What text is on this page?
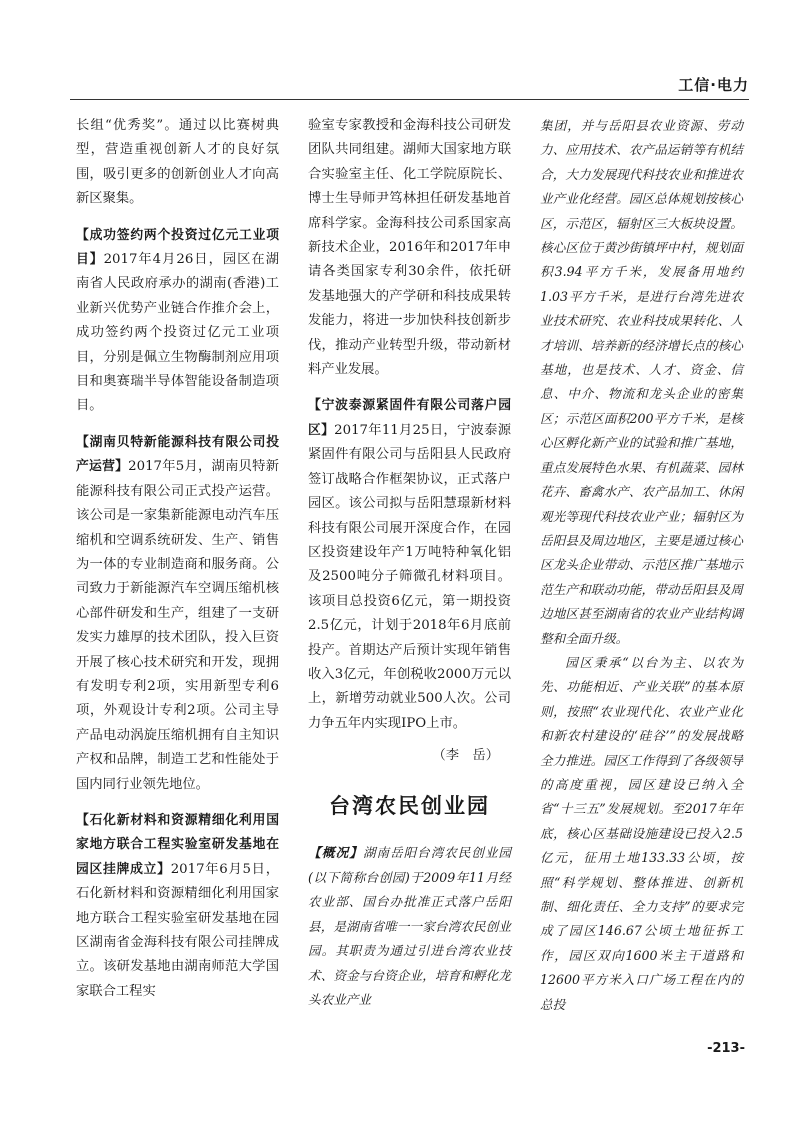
工信·电力

长组“优秀奖”。通过以比赛树典型，营造重视创新人才的良好氛围，吸引更多的创新创业人才向高新区聚集。

【成功签约两个投资过亿元工业项目】2017年4月26日，园区在湖南省人民政府承办的湖南(香港)工业新兴优势产业链合作推介会上，成功签约两个投资过亿元工业项目，分别是佩立生物酶制剂应用项目和奥赛瑞半导体智能设备制造项目。

【湖南贝特新能源科技有限公司投产运营】2017年5月，湖南贝特新能源科技有限公司正式投产运营。该公司是一家集新能源电动汽车压缩机和空调系统研发、生产、销售为一体的专业制造商和服务商。公司致力于新能源汽车空调压缩机核心部件研发和生产，组建了一支研发实力雄厚的技术团队，投入巨资开展了核心技术研究和开发，现拥有发明专利2项，实用新型专利6项，外观设计专利2项。公司主导产品电动涡旋压缩机拥有自主知识产权和品牌，制造工艺和性能处于国内同行业领先地位。

【石化新材料和资源精细化利用国家地方联合工程实验室研发基地在园区挂牌成立】2017年6月5日，石化新材料和资源精细化利用国家地方联合工程实验室研发基地在园区湖南省金海科技有限公司挂牌成立。该研发基地由湖南师范大学国家联合工程实

验室专家教授和金海科技公司研发团队共同组建。湖师大国家地方联合实验室主任、化工学院原院长、博士生导师尹笃林担任研发基地首席科学家。金海科技公司系国家高新技术企业，2016年和2017年申请各类国家专利30余件，依托研发基地强大的产学研和科技成果转发能力，将进一步加快科技创新步伐，推动产业转型升级，带动新材料产业发展。

【宁波泰源紧固件有限公司落户园区】2017年11月25日，宁波泰源紧固件有限公司与岳阳县人民政府签订战略合作框架协议，正式落户园区。该公司拟与岳阳慧璟新材料科技有限公司展开深度合作，在园区投资建设年产1万吨特种氧化铝及2500吨分子筛微孔材料项目。该项目总投资6亿元，第一期投资2.5亿元，计划于2018年6月底前投产。首期达产后预计实现年销售收入3亿元，年创税收2000万元以上，新增劳动就业500人次。公司力争五年内实现IPO上市。

（李　岳）
台湾农民创业园

【概况】湖南岳阳台湾农民创业园(以下简称台创园)于2009年11月经农业部、国台办批准正式落户岳阳县，是湖南省唯一一家台湾农民创业园。其职责为通过引进台湾农业技术、资金与台资企业，培育和孵化龙头农业产业

集团，并与岳阳县农业资源、劳动力、应用技术、农产品运销等有机结合，大力发展现代科技农业和推进农业产业化经营。园区总体规划按核心区，示范区，辐射区三大板块设置。核心区位于黄沙街镇坪中村，规划面积3.94平方千米，发展备用地约1.03平方千米，是进行台湾先进农业技术研究、农业科技成果转化、人才培训、培养新的经济增长点的核心基地，也是技术、人才、资金、信息、中介、物流和龙头企业的密集区；示范区面积200平方千米，是核心区孵化新产业的试验和推广基地，重点发展特色水果、有机蔬菜、园林花卉、畜禽水产、农产品加工、休闲观光等现代科技农业产业；辐射区为岳阳县及周边地区，主要是通过核心区龙头企业带动、示范区推广基地示范生产和联动功能，带动岳阳县及周边地区甚至湖南省的农业产业结构调整和全面升级。

园区秉承“以台为主、以农为先、功能相近、产业关联”的基本原则，按照“农业现代化、农业产业化和新农村建设的‘硅谷’”的发展战略全力推进。园区工作得到了各级领导的高度重视，园区建设已纳入全省“十三五”发展规划。至2017年年底，核心区基础设施建设已投入2.5亿元，征用土地133.33公顷，按照“科学规划、整体推进、创新机制、细化责任、全力支持”的要求完成了园区146.67公顷土地征拆工作，园区双向1600米主干道路和12600平方米入口广场工程在内的总投

-213-
